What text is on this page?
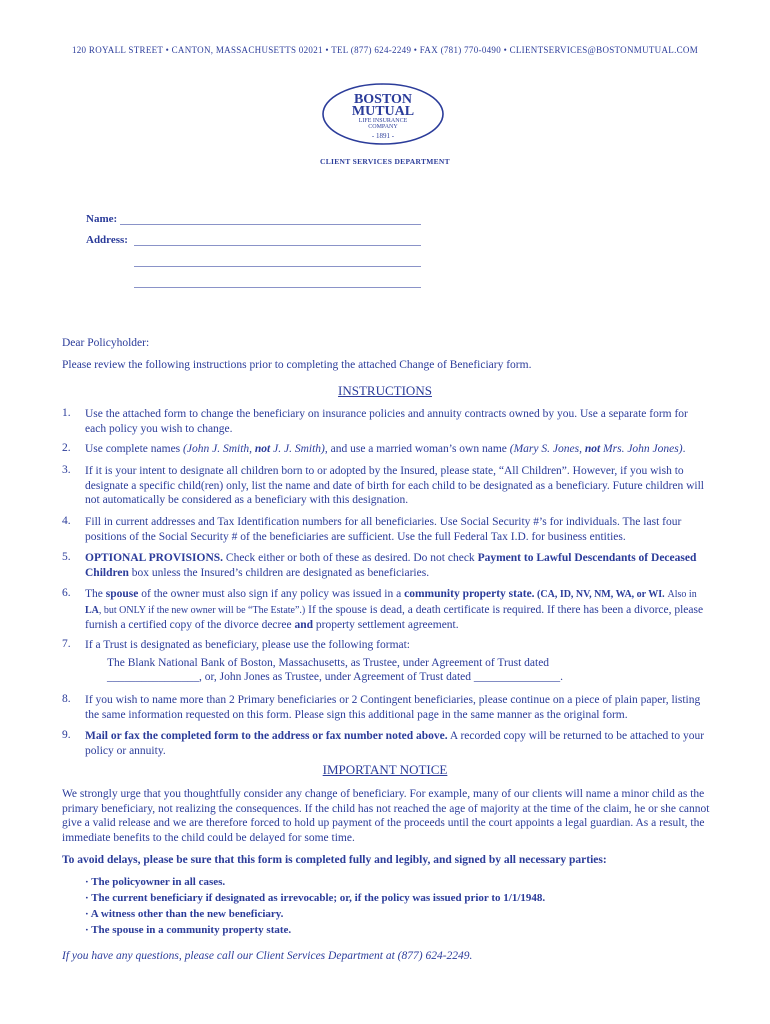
120 ROYALL STREET • CANTON, MASSACHUSETTS 02021 • TEL (877) 624-2249 • FAX (781) 770-0490 • CLIENTSERVICES@BOSTONMUTUAL.COM
BOSTON
MUTUAL
LIFE INSURANCE
COMPANY
- 1891 -
CLIENT SERVICES DEPARTMENT
Name:
Address:
Dear Policyholder:
Please review the following instructions prior to completing the attached Change of Beneficiary form.
INSTRUCTIONS
1. Use the attached form to change the beneficiary on insurance policies and annuity contracts owned by you. Use a separate form for each policy you wish to change.
2. Use complete names (John J. Smith, not J. J. Smith), and use a married woman’s own name (Mary S. Jones, not Mrs. John Jones).
3. If it is your intent to designate all children born to or adopted by the Insured, please state, “All Children”. However, if you wish to designate a specific child(ren) only, list the name and date of birth for each child to be designated as a beneficiary. Future children will not automatically be considered as a beneficiary with this designation.
4. Fill in current addresses and Tax Identification numbers for all beneficiaries. Use Social Security #’s for individuals. The last four positions of the Social Security # of the beneficiaries are sufficient. Use the full Federal Tax I.D. for business entities.
5. OPTIONAL PROVISIONS. Check either or both of these as desired. Do not check Payment to Lawful Descendants of Deceased Children box unless the Insured’s children are designated as beneficiaries.
6. The spouse of the owner must also sign if any policy was issued in a community property state. (CA, ID, NV, NM, WA, or WI. Also in LA, but ONLY if the new owner will be “The Estate”.) If the spouse is dead, a death certificate is required. If there has been a divorce, please furnish a certified copy of the divorce decree and property settlement agreement.
7. If a Trust is designated as beneficiary, please use the following format:
The Blank National Bank of Boston, Massachusetts, as Trustee, under Agreement of Trust dated
________________, or, John Jones as Trustee, under Agreement of Trust dated _______________.
8. If you wish to name more than 2 Primary beneficiaries or 2 Contingent beneficiaries, please continue on a piece of plain paper, listing the same information requested on this form. Please sign this additional page in the same manner as the original form.
9. Mail or fax the completed form to the address or fax number noted above. A recorded copy will be returned to be attached to your policy or annuity.
IMPORTANT NOTICE
We strongly urge that you thoughtfully consider any change of beneficiary. For example, many of our clients will name a minor child as the primary beneficiary, not realizing the consequences. If the child has not reached the age of majority at the time of the claim, he or she cannot give a valid release and we are therefore forced to hold up payment of the proceeds until the court appoints a legal guardian. As a result, the immediate benefits to the child could be delayed for some time.
To avoid delays, please be sure that this form is completed fully and legibly, and signed by all necessary parties:
· The policyowner in all cases.
· The current beneficiary if designated as irrevocable; or, if the policy was issued prior to 1/1/1948.
· A witness other than the new beneficiary.
· The spouse in a community property state.
If you have any questions, please call our Client Services Department at (877) 624-2249.
